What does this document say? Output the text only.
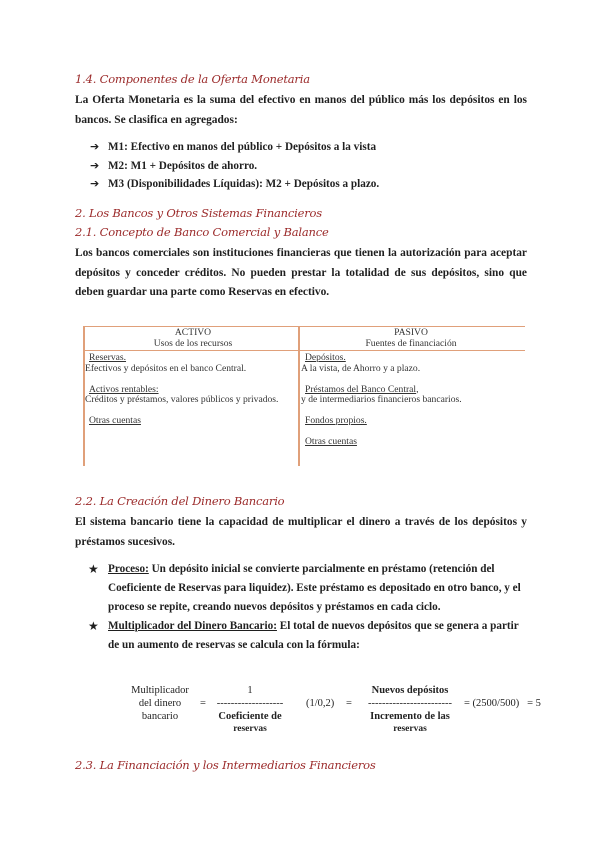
1.4. Componentes de la Oferta Monetaria
La Oferta Monetaria es la suma del efectivo en manos del público más los depósitos en los bancos. Se clasifica en agregados:
➔ M1: Efectivo en manos del público + Depósitos a la vista
➔ M2: M1 + Depósitos de ahorro.
➔ M3 (Disponibilidades Líquidas): M2 + Depósitos a plazo.
2. Los Bancos y Otros Sistemas Financieros
2.1. Concepto de Banco Comercial y Balance
Los bancos comerciales son instituciones financieras que tienen la autorización para aceptar depósitos y conceder créditos. No pueden prestar la totalidad de sus depósitos, sino que deben guardar una parte como Reservas en efectivo.
ACTIVO
Usos de los recursos
PASIVO
Fuentes de financiación
Reservas.
Efectivos y depósitos en el banco Central.
Activos rentables:
Créditos y préstamos, valores públicos y privados.
Otras cuentas
Depósitos.
A la vista, de Ahorro y a plazo.
Préstamos del Banco Central,
y de intermediarios financieros bancarios.
Fondos propios.
Otras cuentas
2.2. La Creación del Dinero Bancario
El sistema bancario tiene la capacidad de multiplicar el dinero a través de los depósitos y préstamos sucesivos.
★ Proceso: Un depósito inicial se convierte parcialmente en préstamo (retención del Coeficiente de Reservas para liquidez). Este préstamo es depositado en otro banco, y el proceso se repite, creando nuevos depósitos y préstamos en cada ciclo.
★ Multiplicador del Dinero Bancario: El total de nuevos depósitos que se genera a partir de un aumento de reservas se calcula con la fórmula:
Multiplicador
del dinero
bancario
=
1
-------------------
Coeficiente de
reservas
(1/0,2) =
Nuevos depósitos
------------------------
Incremento de las
reservas
= (2500/500)   = 5
2.3. La Financiación y los Intermediarios Financieros
